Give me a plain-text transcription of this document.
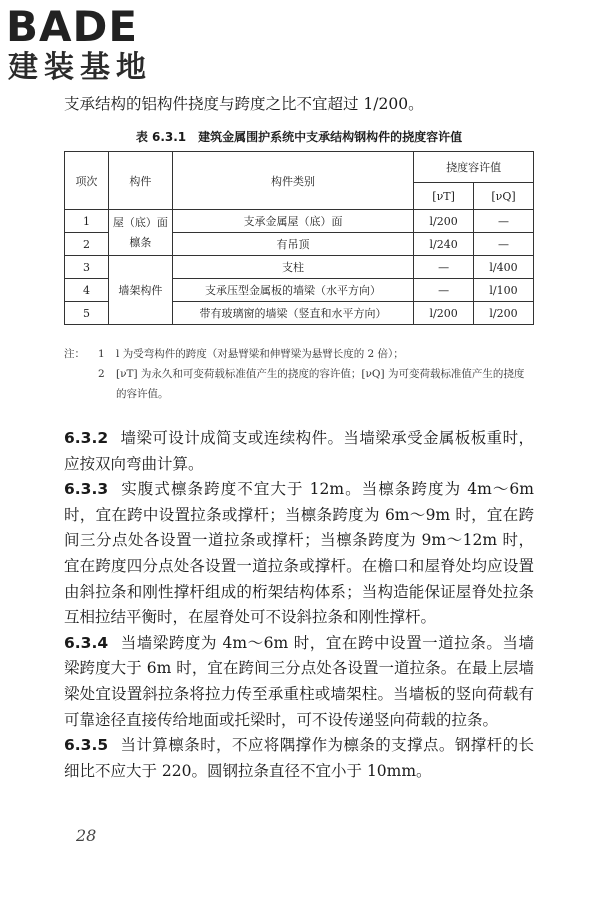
BADE
建装基地
支承结构的铝构件挠度与跨度之比不宜超过 1/200。
表 6.3.1　建筑金属围护系统中支承结构钢构件的挠度容许值
项次	构件	构件类别	挠度容许值	
			[νT]	[νQ]
1	屋（底）面檩条	支承金属屋（底）面	l/200	—
2		有吊顶	l/240	—
3	墙架构件	支柱	—	l/400
4		支承压型金属板的墙梁（水平方向）	—	l/100
5		带有玻璃窗的墙梁（竖直和水平方向）	l/200	l/200
注：	1	l 为受弯构件的跨度（对悬臂梁和伸臂梁为悬臂长度的 2 倍）；
2	[νT] 为永久和可变荷载标准值产生的挠度的容许值；[νQ] 为可变荷载标准值产生的挠度的容许值。

6.3.2 墙梁可设计成简支或连续构件。当墙梁承受金属板板重时，应按双向弯曲计算。

6.3.3 实腹式檩条跨度不宜大于 12m。当檩条跨度为 4m～6m 时，宜在跨中设置拉条或撑杆；当檩条跨度为 6m～9m 时，宜在跨间三分点处各设置一道拉条或撑杆；当檩条跨度为 9m～12m 时，宜在跨度四分点处各设置一道拉条或撑杆。在檐口和屋脊处均应设置由斜拉条和刚性撑杆组成的桁架结构体系；当构造能保证屋脊处拉条互相拉结平衡时，在屋脊处可不设斜拉条和刚性撑杆。

6.3.4 当墙梁跨度为 4m～6m 时，宜在跨中设置一道拉条。当墙梁跨度大于 6m 时，宜在跨间三分点处各设置一道拉条。在最上层墙梁处宜设置斜拉条将拉力传至承重柱或墙架柱。当墙板的竖向荷载有可靠途径直接传给地面或托梁时，可不设传递竖向荷载的拉条。

6.3.5 当计算檩条时，不应将隅撑作为檩条的支撑点。钢撑杆的长细比不应大于 220。圆钢拉条直径不宜小于 10mm。

28
